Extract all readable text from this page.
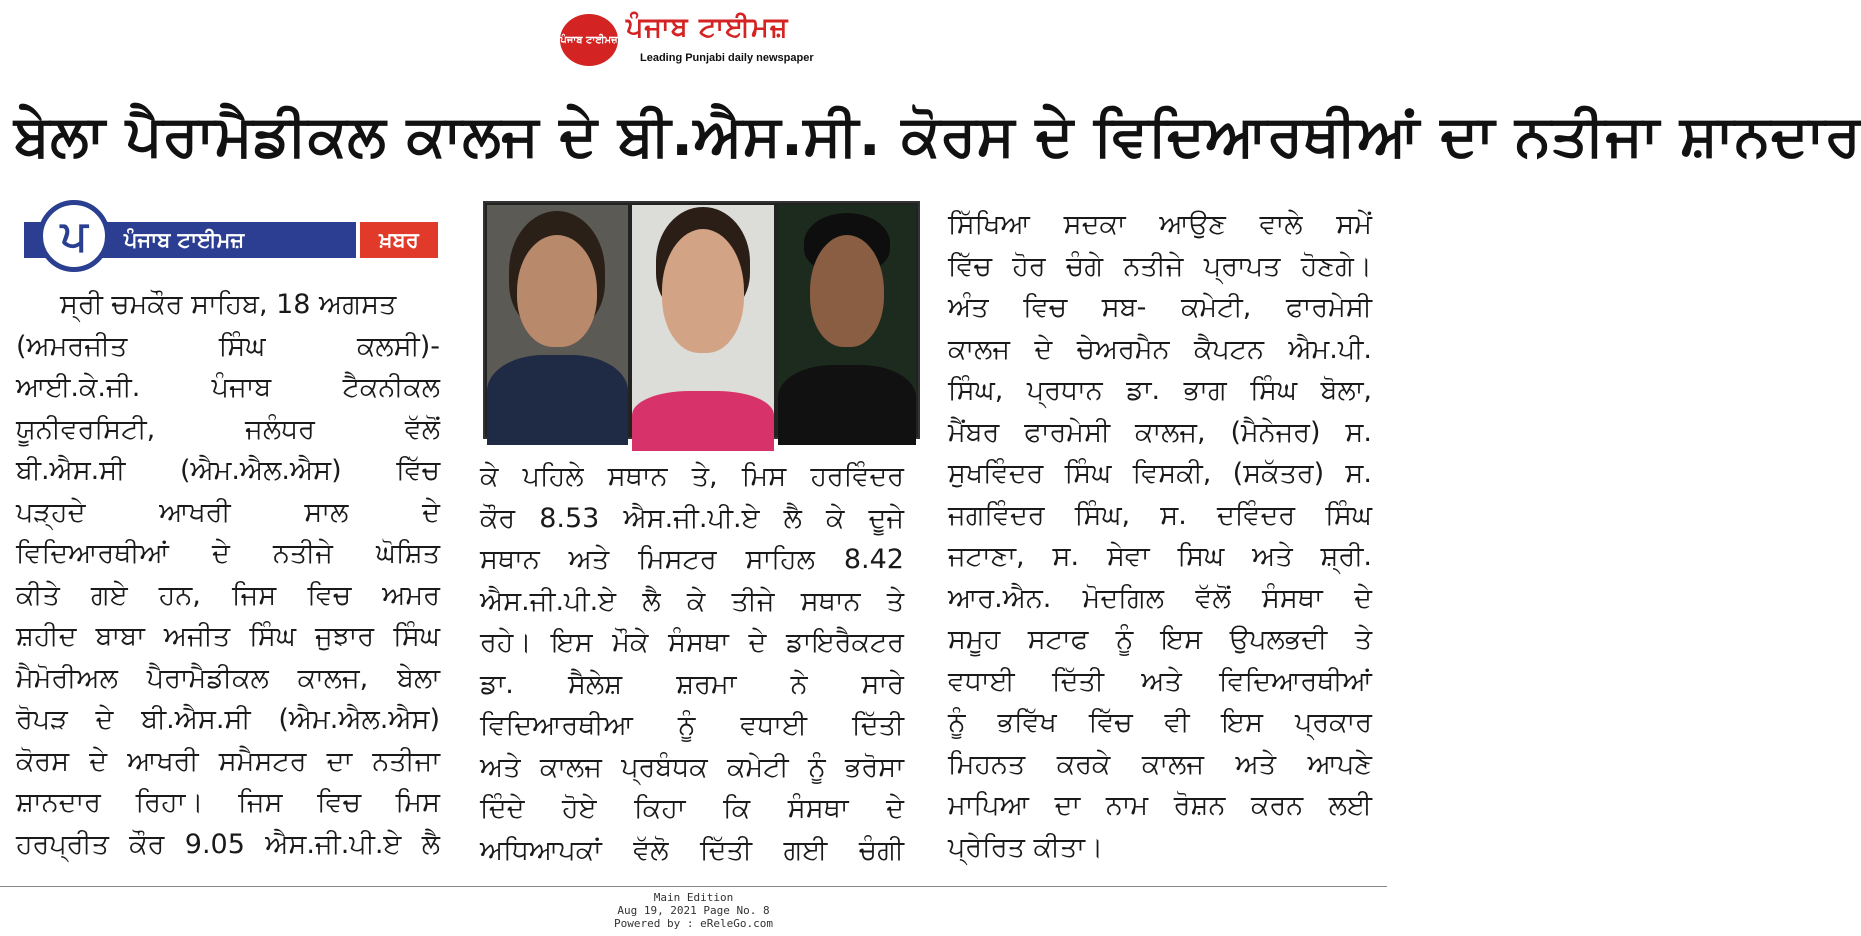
ਪੰਜਾਬ ਟਾਈਮਜ਼ ਪੰਜਾਬ ਟਾਈਮਜ਼
Leading Punjabi daily newspaper
ਬੇਲਾ ਪੈਰਾਮੈਡੀਕਲ ਕਾਲਜ ਦੇ ਬੀ.ਐਸ.ਸੀ. ਕੋਰਸ ਦੇ ਵਿਦਿਆਰਥੀਆਂ ਦਾ ਨਤੀਜਾ ਸ਼ਾਨਦਾਰ
ਪੰਜਾਬ ਟਾਈਮਜ਼	ਖ਼ਬਰ
ਪ
ਸ੍ਰੀ ਚਮਕੌਰ ਸਾਹਿਬ, 18 ਅਗਸਤ
(ਅਮਰਜੀਤ ਸਿੰਘ ਕਲਸੀ)-
ਆਈ.ਕੇ.ਜੀ. ਪੰਜਾਬ ਟੈਕਨੀਕਲ
ਯੂਨੀਵਰਸਿਟੀ, ਜਲੰਧਰ ਵੱਲੋਂ
ਬੀ.ਐਸ.ਸੀ (ਐਮ.ਐਲ.ਐਸ) ਵਿੱਚ
ਪੜ੍ਹਦੇ ਆਖਰੀ ਸਾਲ ਦੇ
ਵਿਦਿਆਰਥੀਆਂ ਦੇ ਨਤੀਜੇ ਘੋਸ਼ਿਤ
ਕੀਤੇ ਗਏ ਹਨ, ਜਿਸ ਵਿਚ ਅਮਰ
ਸ਼ਹੀਦ ਬਾਬਾ ਅਜੀਤ ਸਿੰਘ ਜੁਝਾਰ ਸਿੰਘ
ਮੈਮੋਰੀਅਲ ਪੈਰਾਮੈਡੀਕਲ ਕਾਲਜ, ਬੇਲਾ
ਰੋਪੜ ਦੇ ਬੀ.ਐਸ.ਸੀ (ਐਮ.ਐਲ.ਐਸ)
ਕੋਰਸ ਦੇ ਆਖਰੀ ਸਮੈਸਟਰ ਦਾ ਨਤੀਜਾ
ਸ਼ਾਨਦਾਰ ਰਿਹਾ। ਜਿਸ ਵਿਚ ਮਿਸ
ਹਰਪ੍ਰੀਤ ਕੌਰ 9.05 ਐਸ.ਜੀ.ਪੀ.ਏ ਲੈ
ਕੇ ਪਹਿਲੇ ਸਥਾਨ ਤੇ, ਮਿਸ ਹਰਵਿੰਦਰ
ਕੌਰ 8.53 ਐਸ.ਜੀ.ਪੀ.ਏ ਲੈ ਕੇ ਦੂਜੇ
ਸਥਾਨ ਅਤੇ ਮਿਸਟਰ ਸਾਹਿਲ 8.42
ਐਸ.ਜੀ.ਪੀ.ਏ ਲੈ ਕੇ ਤੀਜੇ ਸਥਾਨ ਤੇ
ਰਹੇ। ਇਸ ਮੌਕੇ ਸੰਸਥਾ ਦੇ ਡਾਇਰੈਕਟਰ
ਡਾ. ਸੈਲੇਸ਼ ਸ਼ਰਮਾ ਨੇ ਸਾਰੇ
ਵਿਦਿਆਰਥੀਆ ਨੂੰ ਵਧਾਈ ਦਿੱਤੀ
ਅਤੇ ਕਾਲਜ ਪ੍ਰਬੰਧਕ ਕਮੇਟੀ ਨੂੰ ਭਰੋਸਾ
ਦਿੰਦੇ ਹੋਏ ਕਿਹਾ ਕਿ ਸੰਸਥਾ ਦੇ
ਅਧਿਆਪਕਾਂ ਵੱਲੋ ਦਿੱਤੀ ਗਈ ਚੰਗੀ
ਸਿੱਖਿਆ ਸਦਕਾ ਆਉਣ ਵਾਲੇ ਸਮੇਂ
ਵਿੱਚ ਹੋਰ ਚੰਗੇ ਨਤੀਜੇ ਪ੍ਰਾਪਤ ਹੋਣਗੇ।
ਅੰਤ ਵਿਚ ਸਬ- ਕਮੇਟੀ, ਫਾਰਮੇਸੀ
ਕਾਲਜ ਦੇ ਚੇਅਰਮੈਨ ਕੈਪਟਨ ਐਮ.ਪੀ.
ਸਿੰਘ, ਪ੍ਰਧਾਨ ਡਾ. ਭਾਗ ਸਿੰਘ ਬੋਲਾ,
ਮੈਂਬਰ ਫਾਰਮੇਸੀ ਕਾਲਜ, (ਮੈਨੇਜਰ) ਸ.
ਸੁਖਵਿੰਦਰ ਸਿੰਘ ਵਿਸਕੀ, (ਸਕੱਤਰ) ਸ.
ਜਗਵਿੰਦਰ ਸਿੰਘ, ਸ. ਦਵਿੰਦਰ ਸਿੰਘ
ਜਟਾਣਾ, ਸ. ਸੇਵਾ ਸਿਘ ਅਤੇ ਸ਼੍ਰੀ.
ਆਰ.ਐਨ. ਮੋਦਗਿਲ ਵੱਲੋਂ ਸੰਸਥਾ ਦੇ
ਸਮੂਹ ਸਟਾਫ ਨੂੰ ਇਸ ਉਪਲਭਦੀ ਤੇ
ਵਧਾਈ ਦਿੱਤੀ ਅਤੇ ਵਿਦਿਆਰਥੀਆਂ
ਨੂੰ ਭਵਿੱਖ ਵਿੱਚ ਵੀ ਇਸ ਪ੍ਰਕਾਰ
ਮਿਹਨਤ ਕਰਕੇ ਕਾਲਜ ਅਤੇ ਆਪਣੇ
ਮਾਪਿਆ ਦਾ ਨਾਮ ਰੋਸ਼ਨ ਕਰਨ ਲਈ
ਪ੍ਰੇਰਿਤ ਕੀਤਾ।
Main Edition
Aug 19, 2021 Page No. 8
Powered by : eReleGo.com
